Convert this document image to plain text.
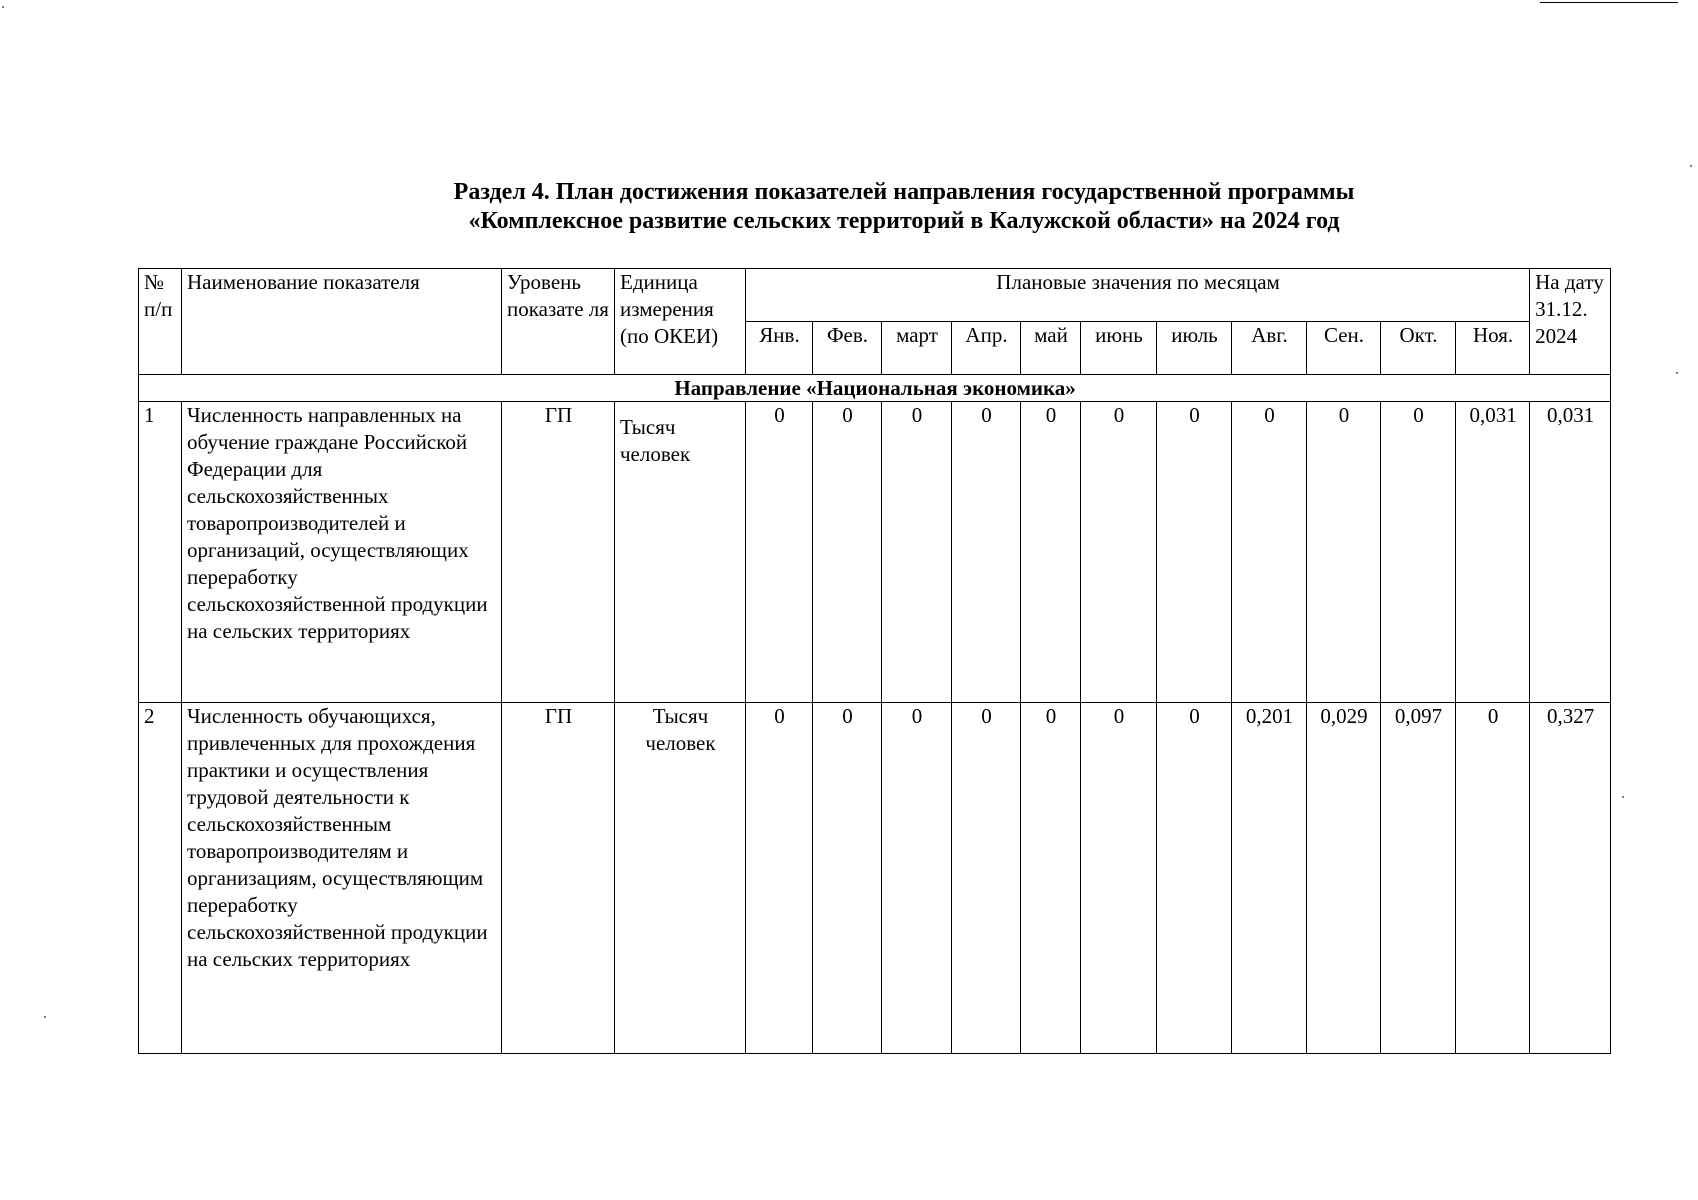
Раздел 4. План достижения показателей направления государственной программы
«Комплексное развитие сельских территорий в Калужской области» на 2024 год
№ п/п	Наименование показателя	Уровень показате ля	Единица измерения (по ОКЕИ)	Плановые значения по месяцам											На дату 31.12. 2024
				Янв.	Фев.	март	Апр.	май	июнь	июль	Авг.	Сен.	Окт.	Ноя.	
Направление «Национальная экономика»															
1	Численность направленных на обучение граждане Российской Федерации для сельскохозяйственных товаропроизводителей и организаций, осуществляющих переработку сельскохозяйственной продукции на сельских территориях	ГП	Тысяч человек	0	0	0	0	0	0	0	0	0	0	0,031	0,031
2	Численность обучающихся, привлеченных для прохождения практики и осуществления трудовой деятельности к сельскохозяйственным товаропроизводителям и организациям, осуществляющим переработку сельскохозяйственной продукции на сельских территориях	ГП	Тысяч человек	0	0	0	0	0	0	0	0,201	0,029	0,097	0	0,327
